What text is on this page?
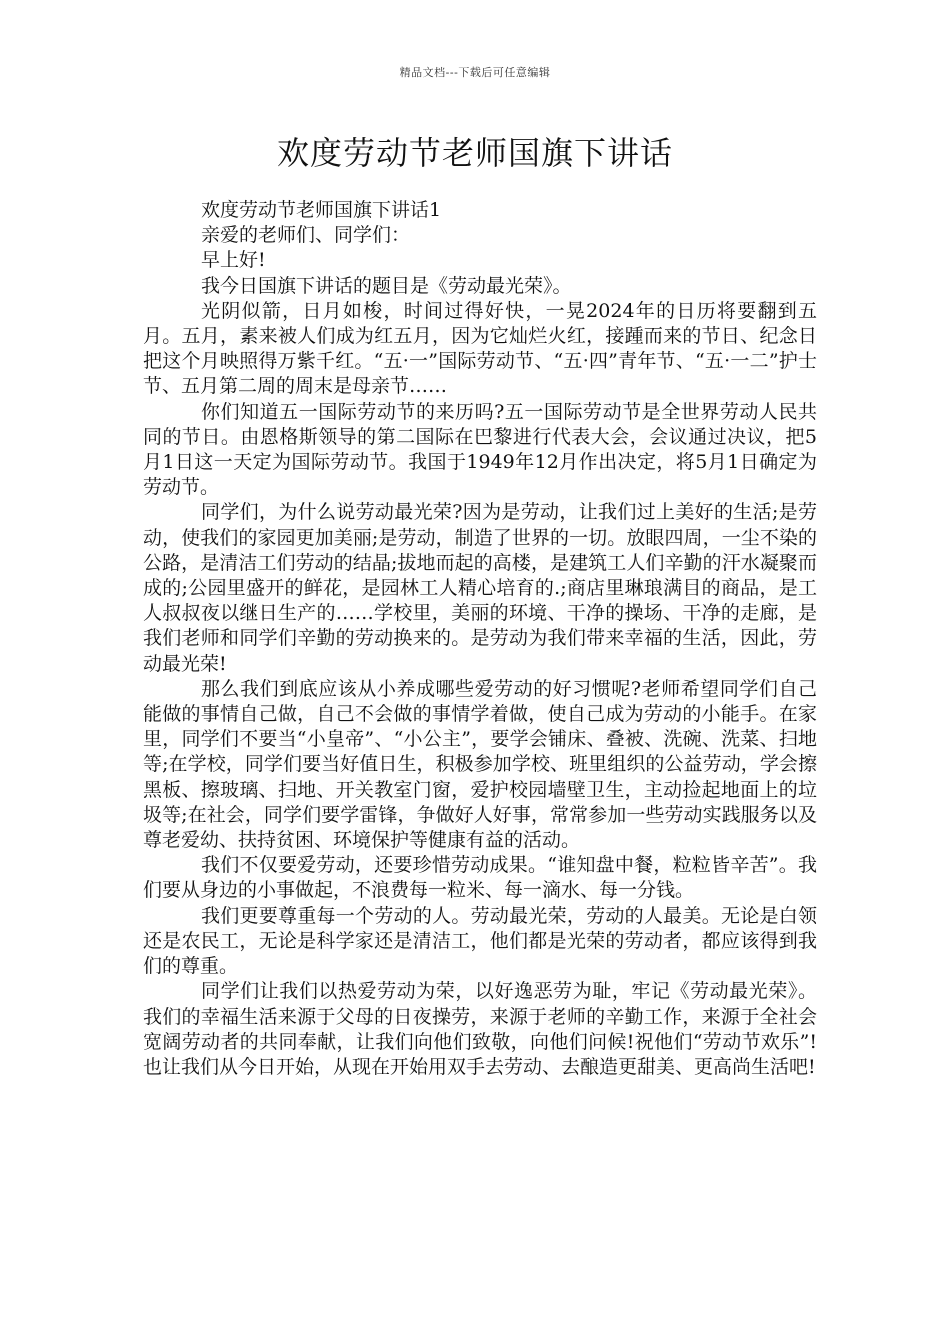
精品文档---下载后可任意编辑
欢度劳动节老师国旗下讲话

欢度劳动节老师国旗下讲话1

亲爱的老师们、同学们：

早上好!

我今日国旗下讲话的题目是《劳动最光荣》。

光阴似箭，日月如梭，时间过得好快，一晃2024年的日历将要翻到五月。五月，素来被人们成为红五月，因为它灿烂火红，接踵而来的节日、纪念日把这个月映照得万紫千红。“五·一”国际劳动节、“五·四”青年节、“五·一二”护士节、五月第二周的周末是母亲节……

你们知道五一国际劳动节的来历吗?五一国际劳动节是全世界劳动人民共同的节日。由恩格斯领导的第二国际在巴黎进行代表大会，会议通过决议，把5月1日这一天定为国际劳动节。我国于1949年12月作出决定，将5月1日确定为劳动节。

同学们，为什么说劳动最光荣?因为是劳动，让我们过上美好的生活;是劳动，使我们的家园更加美丽;是劳动，制造了世界的一切。放眼四周，一尘不染的公路，是清洁工们劳动的结晶;拔地而起的高楼，是建筑工人们辛勤的汗水凝聚而成的;公园里盛开的鲜花，是园林工人精心培育的.;商店里琳琅满目的商品，是工人叔叔夜以继日生产的……学校里，美丽的环境、干净的操场、干净的走廊，是我们老师和同学们辛勤的劳动换来的。是劳动为我们带来幸福的生活，因此，劳动最光荣!

那么我们到底应该从小养成哪些爱劳动的好习惯呢?老师希望同学们自己能做的事情自己做，自己不会做的事情学着做，使自己成为劳动的小能手。在家里，同学们不要当“小皇帝”、“小公主”，要学会铺床、叠被、洗碗、洗菜、扫地等;在学校，同学们要当好值日生，积极参加学校、班里组织的公益劳动，学会擦黑板、擦玻璃、扫地、开关教室门窗，爱护校园墙壁卫生，主动捡起地面上的垃圾等;在社会，同学们要学雷锋，争做好人好事，常常参加一些劳动实践服务以及尊老爱幼、扶持贫困、环境保护等健康有益的活动。

我们不仅要爱劳动，还要珍惜劳动成果。“谁知盘中餐，粒粒皆辛苦”。我们要从身边的小事做起，不浪费每一粒米、每一滴水、每一分钱。

我们更要尊重每一个劳动的人。劳动最光荣，劳动的人最美。无论是白领还是农民工，无论是科学家还是清洁工，他们都是光荣的劳动者，都应该得到我们的尊重。

同学们让我们以热爱劳动为荣，以好逸恶劳为耻，牢记《劳动最光荣》。我们的幸福生活来源于父母的日夜操劳，来源于老师的辛勤工作，来源于全社会宽阔劳动者的共同奉献，让我们向他们致敬，向他们问候!祝他们“劳动节欢乐”!也让我们从今日开始，从现在开始用双手去劳动、去酿造更甜美、更高尚生活吧!
